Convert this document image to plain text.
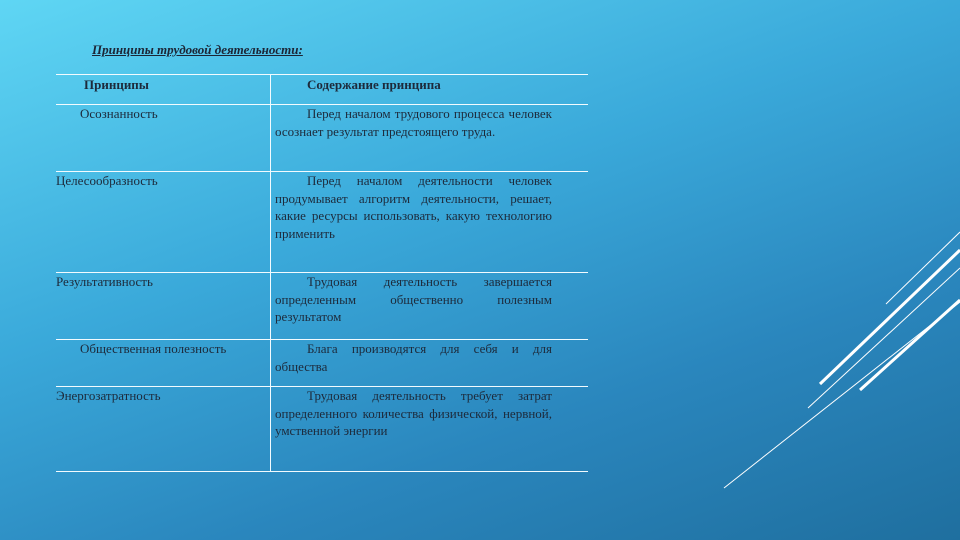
Принципы трудовой деятельности:
Принципы	Содержание принципа
Осознанность	Перед началом трудового процесса человек осознает результат предстоящего труда.
Целесообразность	Перед началом деятельности человек продумывает алгоритм деятельности, решает, какие ресурсы использовать, какую технологию применить
Результативность	Трудовая деятельность завершается определенным общественно полезным результатом
Общественная полезность	Блага производятся для себя и для общества
Энергозатратность	Трудовая деятельность требует затрат определенного количества физической, нервной, умственной энергии
